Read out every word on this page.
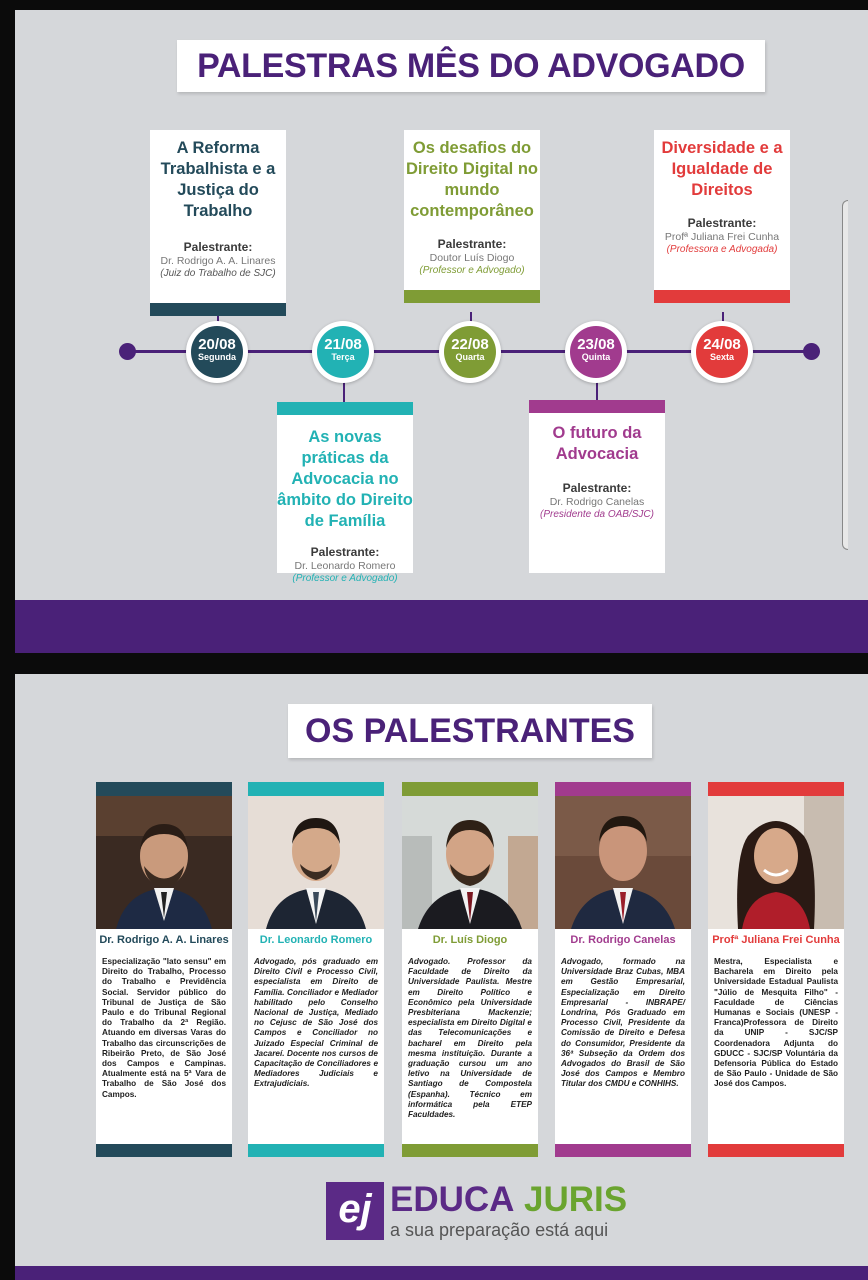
PALESTRAS MÊS DO ADVOGADO
A Reforma Trabalhista e a Justiça do Trabalho
Palestrante:
Dr. Rodrigo A. A. Linares
(Juiz do Trabalho de SJC)
As novas práticas da Advocacia no âmbito do Direito de Família
Palestrante:
Dr. Leonardo Romero
(Professor e Advogado)
Os desafios do Direito Digital no mundo contemporâneo
Palestrante:
Doutor Luís Diogo
(Professor e Advogado)
O futuro da Advocacia
Palestrante:
Dr. Rodrigo Canelas
(Presidente da OAB/SJC)
Diversidade e a Igualdade de Direitos
Palestrante:
Profª Juliana Frei Cunha
(Professora e Advogada)
20/08
Segunda
21/08
Terça
22/08
Quarta
23/08
Quinta
24/08
Sexta
OS PALESTRANTES
Dr. Rodrigo A. A. Linares
Especialização "lato sensu" em Direito do Trabalho, Processo do Trabalho e Previdência Social. Servidor público do Tribunal de Justiça de São Paulo e do Tribunal Regional do Trabalho da 2ª Região. Atuando em diversas Varas do Trabalho das circunscrições de Ribeirão Preto, de São José dos Campos e Campinas. Atualmente está na 5ª Vara de Trabalho de São José dos Campos.
Dr. Leonardo Romero
Advogado, pós graduado em Direito Civil e Processo Civil, especialista em Direito de Família. Conciliador e Mediador habilitado pelo Conselho Nacional de Justiça, Mediado no Cejusc de São José dos Campos e Conciliador no Juizado Especial Criminal de Jacareí. Docente nos cursos de Capacitação de Conciliadores e Mediadores Judiciais e Extrajudiciais.
Dr. Luís Diogo
Advogado. Professor da Faculdade de Direito da Universidade Paulista. Mestre em Direito Político e Econômico pela Universidade Presbiteriana Mackenzie; especialista em Direito Digital e das Telecomunicações e bacharel em Direito pela mesma instituição. Durante a graduação cursou um ano letivo na Universidade de Santiago de Compostela (Espanha). Técnico em informática pela ETEP Faculdades.
Dr. Rodrigo Canelas
Advogado, formado na Universidade Braz Cubas, MBA em Gestão Empresarial, Especialização em Direito Empresarial - INBRAPE/ Londrina, Pós Graduado em Processo Civil, Presidente da Comissão de Direito e Defesa do Consumidor, Presidente da 36ª Subseção da Ordem dos Advogados do Brasil de São José dos Campos e Membro Titular dos CMDU e CONHIHS.
Profª Juliana Frei Cunha
Mestra, Especialista e Bacharela em Direito pela Universidade Estadual Paulista "Júlio de Mesquita Filho" - Faculdade de Ciências Humanas e Sociais (UNESP - Franca)Professora de Direito da UNIP - SJC/SP Coordenadora Adjunta do GDUCC - SJC/SP Voluntária da Defensoria Pública do Estado de São Paulo - Unidade de São José dos Campos.
ej EDUCA JURIS
a sua preparação está aqui
